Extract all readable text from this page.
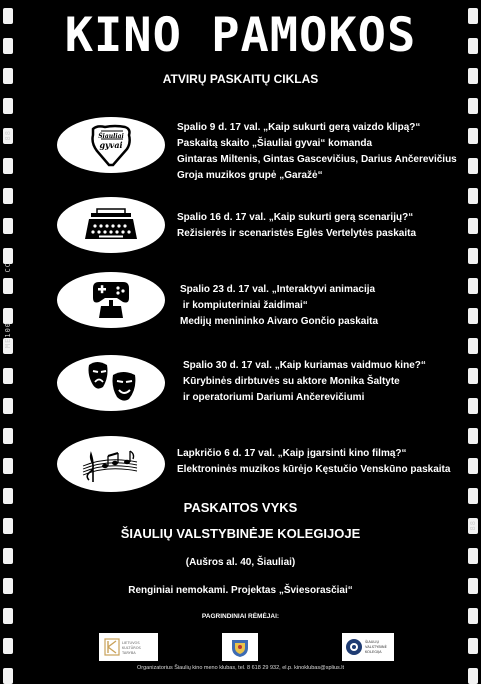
88
CC
ME100
88
KINO PAMOKOS
ATVIRŲ PASKAITŲ CIKLAS
Šiauliai
gyvai
Spalio 9 d. 17 val. „Kaip sukurti gerą vaizdo klipą?“
Paskaitą skaito „Šiauliai gyvai“ komanda
Gintaras Miltenis, Gintas Gascevičius, Darius Ančerevičius
Groja muzikos grupė „Garažė“
Spalio 16 d. 17 val. „Kaip sukurti gerą scenarijų?“
Režisierės ir scenaristės Eglės Vertelytės paskaita
Spalio 23 d. 17 val. „Interaktyvi animacija
ir kompiuteriniai žaidimai“
Medijų menininko Aivaro Gončio paskaita
Spalio 30 d. 17 val. „Kaip kuriamas vaidmuo kine?“
Kūrybinės dirbtuvės su aktore Monika Šaltyte
ir operatoriumi Dariumi Ančerevičiumi
Lapkričio 6 d. 17 val. „Kaip įgarsinti kino filmą?“
Elektroninės muzikos kūrėjo Kęstučio Venskūno paskaita
PASKAITOS VYKS
ŠIAULIŲ VALSTYBINĖJE KOLEGIJOJE
(Aušros al. 40, Šiauliai)
Renginiai nemokami. Projektas „Šviesorasčiai“
PAGRINDINIAI RĖMĖJAI:
LIETUVOS
KULTŪROS
TARYBA
ŠIAULIŲ
VALSTYBINĖ
KOLEGIJA
Organizatorius Šiaulių kino meno klubas, tel. 8 618 29 932, el.p. kinoklubas@splius.lt
